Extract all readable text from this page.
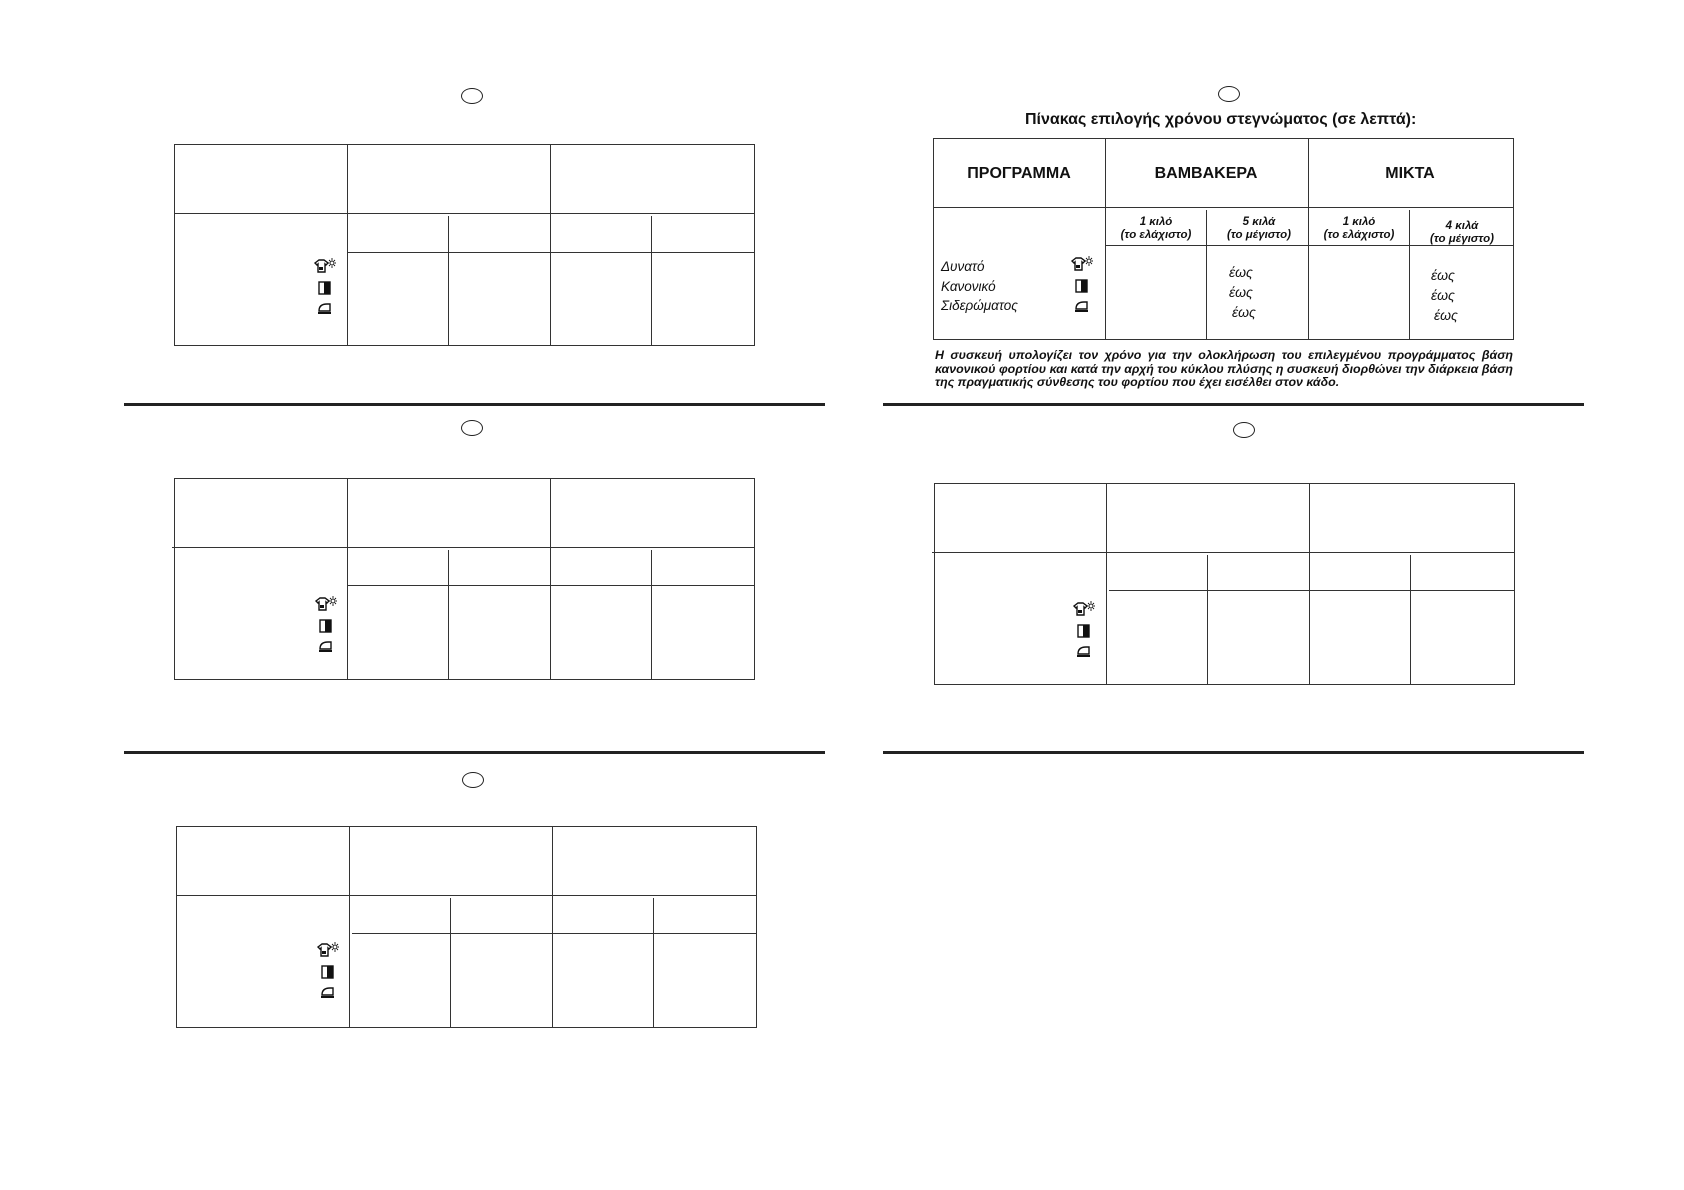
Πίνακας επιλογής χρόνου στεγνώματος (σε λεπτά):
ΠΡΟΓΡΑΜΜΑ	ΒΑΜΒΑΚΕΡΑ	ΜΙΚΤΑ
1 κιλό
(το ελάχιστο)
5 κιλά
(το μέγιστο)
1 κιλό
(το ελάχιστο)
4 κιλά
(το μέγιστο)
Δυνατό
Κανονικό
Σιδερώματος
έως
έως
έως
έως
έως
έως
Η συσκευή υπολογίζει τον χρόνο για την ολοκλήρωση του επιλεγμένου προγράμματος βάση κανονικού φορτίου και κατά την αρχή του κύκλου πλύσης η συσκευή διορθώνει την διάρκεια βάση της πραγματικής σύνθεσης του φορτίου που έχει εισέλθει στον κάδο.
